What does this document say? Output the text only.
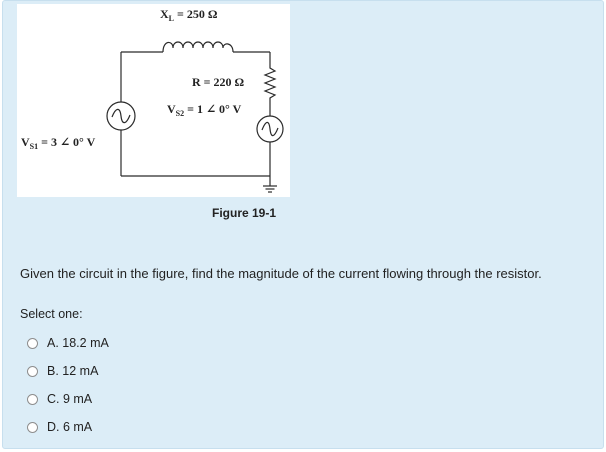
$X_L = 250$ Ω
R = 220 Ω
$V_{S2} = 1$ ∠ 0° V
$V_{S1} = 3$ ∠ 0° V
Figure 19-1
Given the circuit in the figure, find the magnitude of the current flowing through the resistor.
Select one:
A. 18.2 mA
B. 12 mA
C. 9 mA
D. 6 mA
